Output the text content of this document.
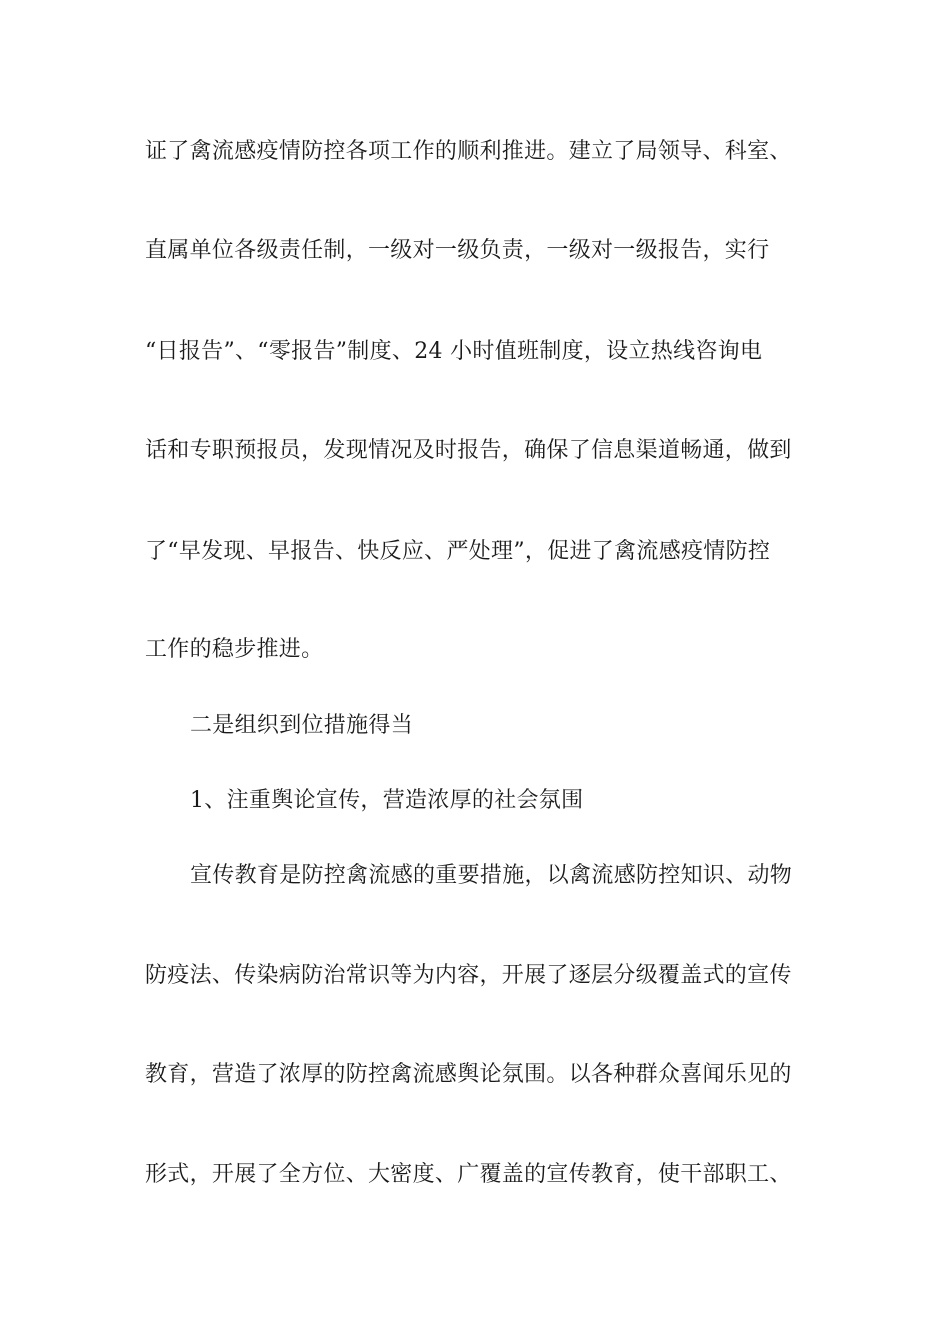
证了禽流感疫情防控各项工作的顺利推进。建立了局领导、科室、
直属单位各级责任制，一级对一级负责，一级对一级报告，实行
“日报告”、“零报告”制度、24 小时值班制度，设立热线咨询电
话和专职预报员，发现情况及时报告，确保了信息渠道畅通，做到
了“早发现、早报告、快反应、严处理”，促进了禽流感疫情防控
工作的稳步推进。
二是组织到位措施得当
1、注重舆论宣传，营造浓厚的社会氛围
宣传教育是防控禽流感的重要措施，以禽流感防控知识、动物
防疫法、传染病防治常识等为内容，开展了逐层分级覆盖式的宣传
教育，营造了浓厚的防控禽流感舆论氛围。以各种群众喜闻乐见的
形式，开展了全方位、大密度、广覆盖的宣传教育，使干部职工、
